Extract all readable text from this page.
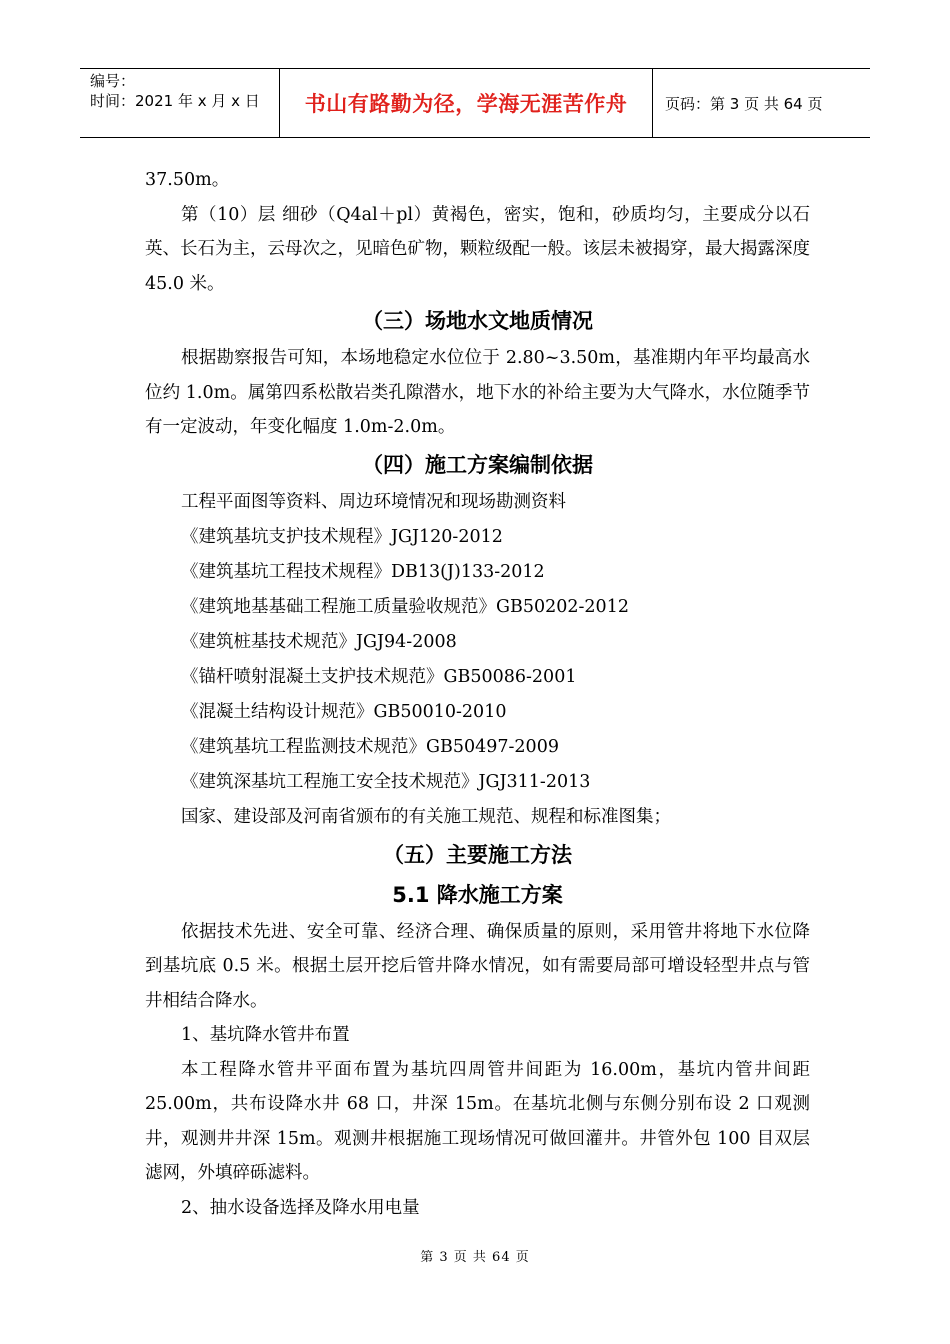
编号：
时间：2021 年 x 月 x 日	书山有路勤为径，学海无涯苦作舟	页码：第 3 页 共 64 页

37.50m。

第（10）层 细砂（Q4al＋pl）黄褐色，密实，饱和，砂质均匀，主要成分以石英、长石为主，云母次之，见暗色矿物，颗粒级配一般。该层未被揭穿，最大揭露深度 45.0 米。

（三）场地水文地质情况

根据勘察报告可知，本场地稳定水位位于 2.80~3.50m，基准期内年平均最高水位约 1.0m。属第四系松散岩类孔隙潜水，地下水的补给主要为大气降水，水位随季节有一定波动，年变化幅度 1.0m-2.0m。

（四）施工方案编制依据

工程平面图等资料、周边环境情况和现场勘测资料

《建筑基坑支护技术规程》JGJ120-2012

《建筑基坑工程技术规程》DB13(J)133-2012

《建筑地基基础工程施工质量验收规范》GB50202-2012

《建筑桩基技术规范》JGJ94-2008

《锚杆喷射混凝土支护技术规范》GB50086-2001

《混凝土结构设计规范》GB50010-2010

《建筑基坑工程监测技术规范》GB50497-2009

《建筑深基坑工程施工安全技术规范》JGJ311-2013

国家、建设部及河南省颁布的有关施工规范、规程和标准图集；

（五）主要施工方法

5.1 降水施工方案

依据技术先进、安全可靠、经济合理、确保质量的原则，采用管井将地下水位降到基坑底 0.5 米。根据土层开挖后管井降水情况，如有需要局部可增设轻型井点与管井相结合降水。

1、基坑降水管井布置

本工程降水管井平面布置为基坑四周管井间距为 16.00m，基坑内管井间距 25.00m，共布设降水井 68 口，井深 15m。在基坑北侧与东侧分别布设 2 口观测井，观测井井深 15m。观测井根据施工现场情况可做回灌井。井管外包 100 目双层滤网，外填碎砾滤料。

2、抽水设备选择及降水用电量

第 3 页 共 64 页
